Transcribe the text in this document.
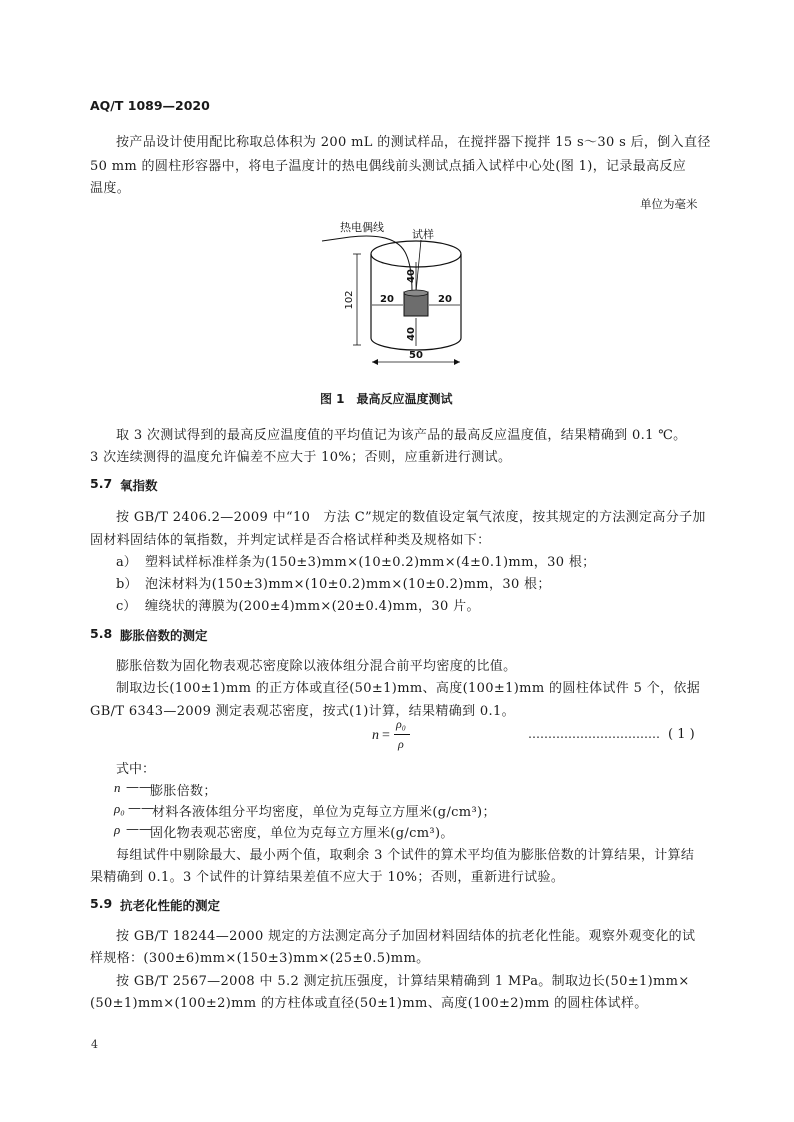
AQ/T 1089—2020
按产品设计使用配比称取总体积为 200 mL 的测试样品，在搅拌器下搅拌 15 s～30 s 后，倒入直径
50 mm 的圆柱形容器中，将电子温度计的热电偶线前头测试点插入试样中心处(图 1)，记录最高反应
温度。
单位为毫米
热电偶线
试样
102	20	20
40
40
50
图 1　最高反应温度测试
取 3 次测试得到的最高反应温度值的平均值记为该产品的最高反应温度值，结果精确到 0.1 ℃。
3 次连续测得的温度允许偏差不应大于 10%；否则，应重新进行测试。
5.7 氧指数
按 GB/T 2406.2—2009 中“10　方法 C”规定的数值设定氧气浓度，按其规定的方法测定高分子加
固材料固结体的氧指数，并判定试样是否合格试样种类及规格如下：
a） 塑料试样标准样条为(150±3)mm×(10±0.2)mm×(4±0.1)mm，30 根；
b） 泡沫材料为(150±3)mm×(10±0.2)mm×(10±0.2)mm，30 根；
c） 缠绕状的薄膜为(200±4)mm×(20±0.4)mm，30 片。
5.8 膨胀倍数的测定
膨胀倍数为固化物表观芯密度除以液体组分混合前平均密度的比值。
制取边长(100±1)mm 的正方体或直径(50±1)mm、高度(100±1)mm 的圆柱体试件 5 个，依据
GB/T 6343—2009 测定表观芯密度，按式(1)计算，结果精确到 0.1。
n =
ρ₀
ρ
…………………………… ( 1 )
式中：
n ——
膨胀倍数；
ρ₀ ——
材料各液体组分平均密度，单位为克每立方厘米(g/cm³)；
ρ ——
固化物表观芯密度，单位为克每立方厘米(g/cm³)。
每组试件中剔除最大、最小两个值，取剩余 3 个试件的算术平均值为膨胀倍数的计算结果，计算结
果精确到 0.1。3 个试件的计算结果差值不应大于 10%；否则，重新进行试验。
5.9 抗老化性能的测定
按 GB/T 18244—2000 规定的方法测定高分子加固材料固结体的抗老化性能。观察外观变化的试
样规格：(300±6)mm×(150±3)mm×(25±0.5)mm。
按 GB/T 2567—2008 中 5.2 测定抗压强度，计算结果精确到 1 MPa。制取边长(50±1)mm×
(50±1)mm×(100±2)mm 的方柱体或直径(50±1)mm、高度(100±2)mm 的圆柱体试样。
4
